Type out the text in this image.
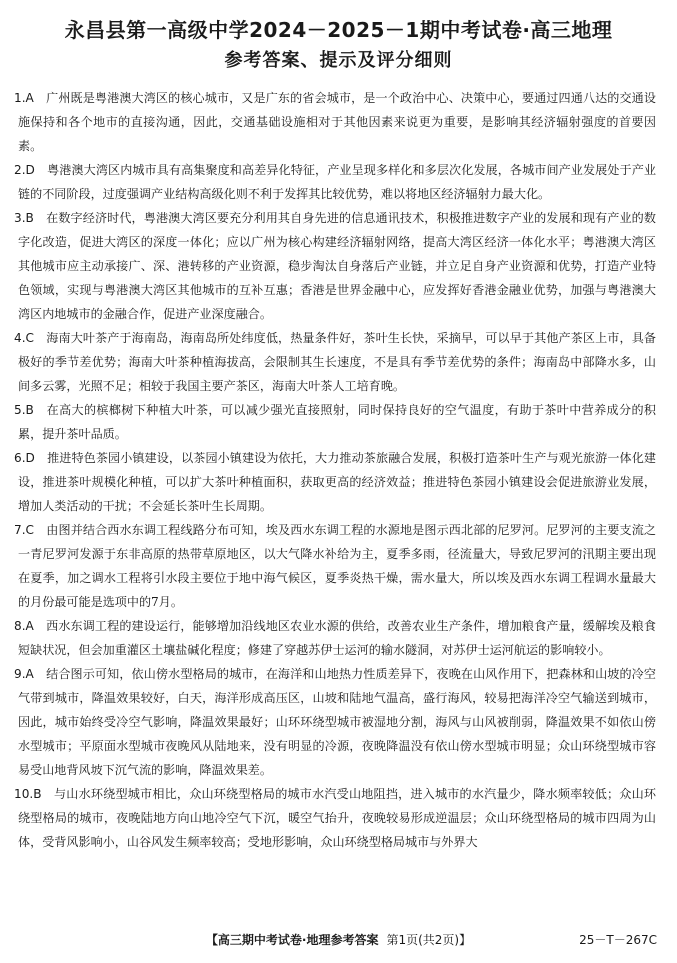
永昌县第一高级中学2024－2025－1期中考试卷·高三地理
参考答案、提示及评分细则

1.A　 广州既是粤港澳大湾区的核心城市，又是广东的省会城市，是一个政治中心、决策中心，要通过四通八达的交通设施保持和各个地市的直接沟通，因此，交通基础设施相对于其他因素来说更为重要，是影响其经济辐射强度的首要因素。

2.D　 粤港澳大湾区内城市具有高集聚度和高差异化特征，产业呈现多样化和多层次化发展，各城市间产业发展处于产业链的不同阶段，过度强调产业结构高级化则不利于发挥其比较优势，难以将地区经济辐射力最大化。

3.B　 在数字经济时代，粤港澳大湾区要充分利用其自身先进的信息通讯技术，积极推进数字产业的发展和现有产业的数字化改造，促进大湾区的深度一体化；应以广州为核心构建经济辐射网络，提高大湾区经济一体化水平；粤港澳大湾区其他城市应主动承接广、深、港转移的产业资源，稳步淘汰自身落后产业链，并立足自身产业资源和优势，打造产业特色领域，实现与粤港澳大湾区其他城市的互补互惠；香港是世界金融中心，应发挥好香港金融业优势，加强与粤港澳大湾区内地城市的金融合作，促进产业深度融合。

4.C　 海南大叶茶产于海南岛，海南岛所处纬度低，热量条件好，茶叶生长快，采摘早，可以早于其他产茶区上市，具备极好的季节差优势；海南大叶茶种植海拔高，会限制其生长速度，不是具有季节差优势的条件；海南岛中部降水多，山间多云雾，光照不足；相较于我国主要产茶区，海南大叶茶人工培育晚。

5.B　 在高大的槟榔树下种植大叶茶，可以减少强光直接照射，同时保持良好的空气温度，有助于茶叶中营养成分的积累，提升茶叶品质。

6.D　 推进特色茶园小镇建设，以茶园小镇建设为依托，大力推动茶旅融合发展，积极打造茶叶生产与观光旅游一体化建设，推进茶叶规模化种植，可以扩大茶叶种植面积，获取更高的经济效益；推进特色茶园小镇建设会促进旅游业发展，增加人类活动的干扰；不会延长茶叶生长周期。

7.C　 由图并结合西水东调工程线路分布可知，埃及西水东调工程的水源地是图示西北部的尼罗河。尼罗河的主要支流之一青尼罗河发源于东非高原的热带草原地区，以大气降水补给为主，夏季多雨，径流量大，导致尼罗河的汛期主要出现在夏季，加之调水工程将引水段主要位于地中海气候区，夏季炎热干燥，需水量大，所以埃及西水东调工程调水量最大的月份最可能是选项中的7月。

8.A　 西水东调工程的建设运行，能够增加沿线地区农业水源的供给，改善农业生产条件，增加粮食产量，缓解埃及粮食短缺状况，但会加重灌区土壤盐碱化程度；修建了穿越苏伊士运河的输水隧洞，对苏伊士运河航运的影响较小。

9.A　 结合图示可知，依山傍水型格局的城市，在海洋和山地热力性质差异下，夜晚在山风作用下，把森林和山坡的冷空气带到城市，降温效果较好，白天，海洋形成高压区，山坡和陆地气温高，盛行海风，较易把海洋冷空气输送到城市，因此，城市始终受冷空气影响，降温效果最好；山环环绕型城市被湿地分割，海风与山风被削弱，降温效果不如依山傍水型城市；平原面水型城市夜晚风从陆地来，没有明显的冷源，夜晚降温没有依山傍水型城市明显；众山环绕型城市容易受山地背风坡下沉气流的影响，降温效果差。

10.B　 与山水环绕型城市相比，众山环绕型格局的城市水汽受山地阻挡，进入城市的水汽量少，降水频率较低；众山环绕型格局的城市，夜晚陆地方向山地冷空气下沉，暖空气抬升，夜晚较易形成逆温层；众山环绕型格局的城市四周为山体，受背风影响小，山谷风发生频率较高；受地形影响，众山环绕型格局城市与外界大

【高三期中考试卷·地理参考答案 第1页(共2页)】	25－T－267C
